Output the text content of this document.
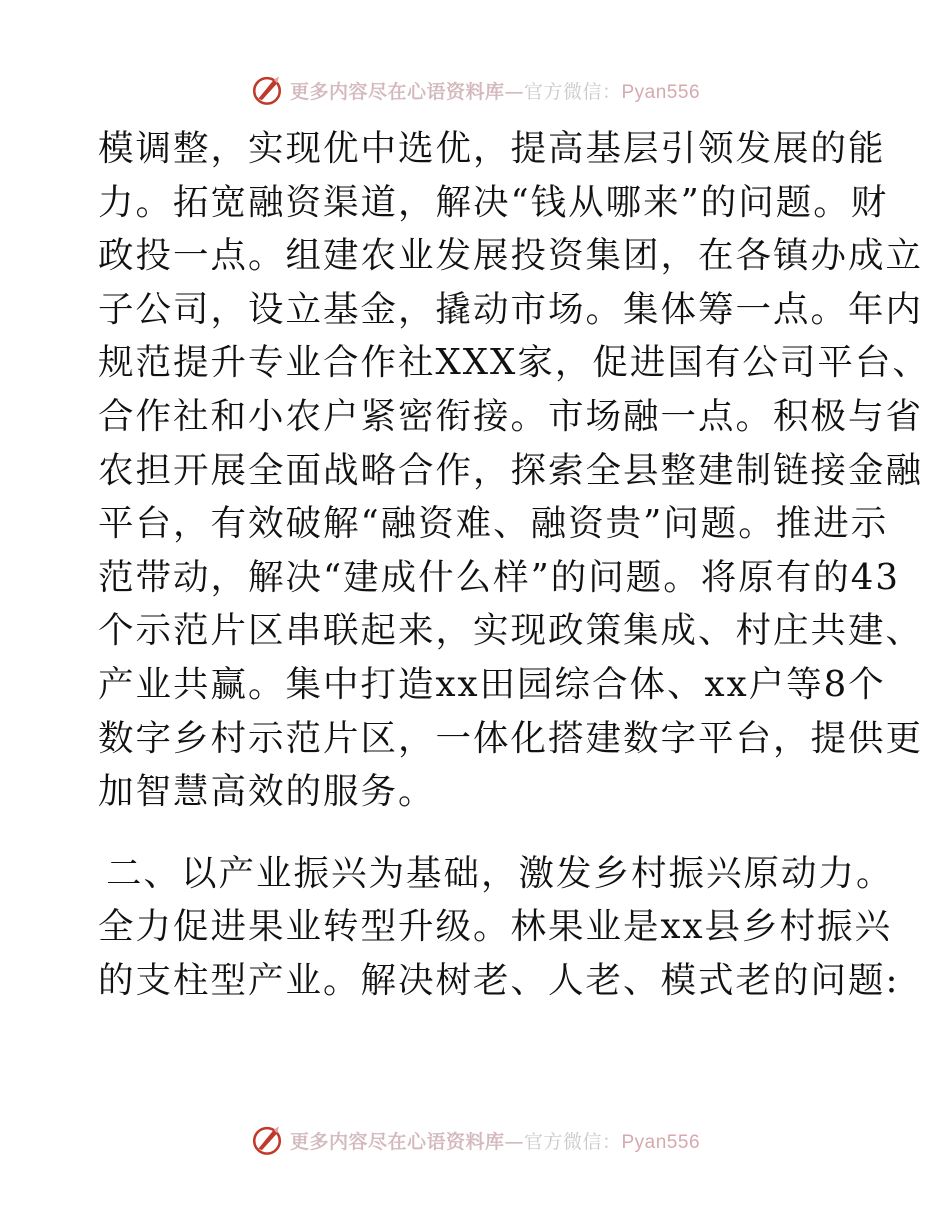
更多内容尽在心语资料库—官方微信：Pyan556
模调整，实现优中选优，提高基层引领发展的能
力。拓宽融资渠道，解决“钱从哪来”的问题。财
政投一点。组建农业发展投资集团，在各镇办成立
子公司，设立基金，撬动市场。集体筹一点。年内
规范提升专业合作社XXX家，促进国有公司平台、
合作社和小农户紧密衔接。市场融一点。积极与省
农担开展全面战略合作，探索全县整建制链接金融
平台，有效破解“融资难、融资贵”问题。推进示
范带动，解决“建成什么样”的问题。将原有的43
个示范片区串联起来，实现政策集成、村庄共建、
产业共赢。集中打造xx田园综合体、xx户等8个
数字乡村示范片区，一体化搭建数字平台，提供更
加智慧高效的服务。
二、以产业振兴为基础，激发乡村振兴原动力。
全力促进果业转型升级。林果业是xx县乡村振兴
的支柱型产业。解决树老、人老、模式老的问题:
更多内容尽在心语资料库—官方微信：Pyan556
